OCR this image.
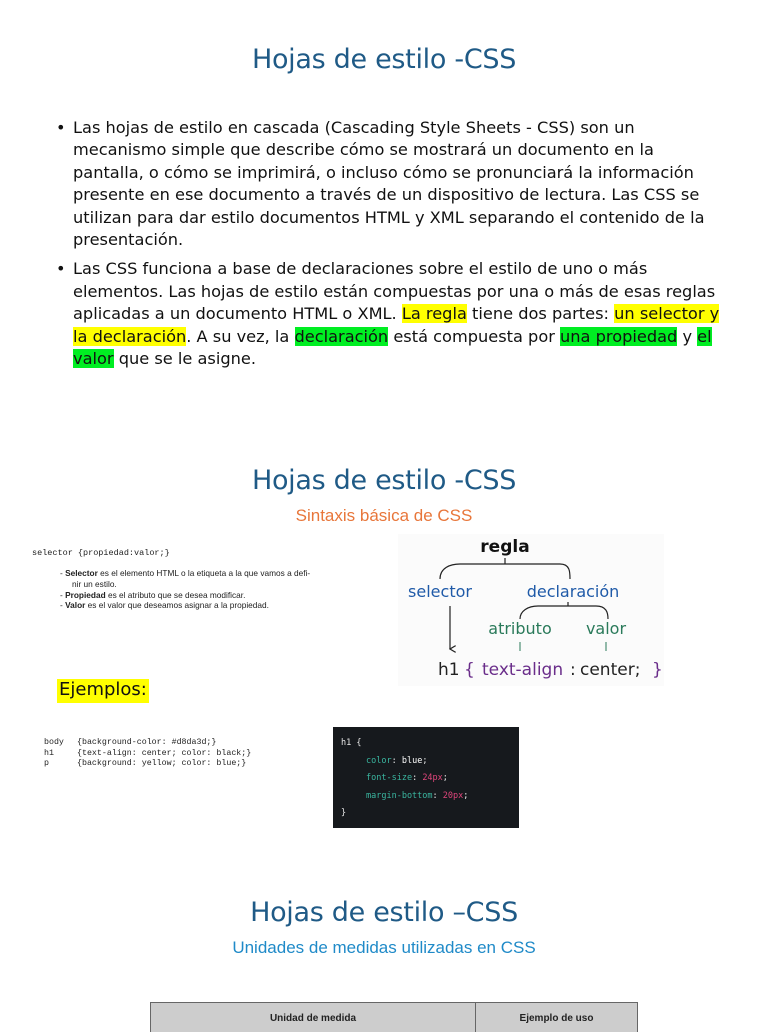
Hojas de estilo -CSS
• Las hojas de estilo en cascada (Cascading Style Sheets - CSS) son un mecanismo simple que describe cómo se mostrará un documento en la pantalla, o cómo se imprimirá, o incluso cómo se pronunciará la información presente en ese documento a través de un dispositivo de lectura. Las CSS se utilizan para dar estilo documentos HTML y XML separando el contenido de la presentación.
• Las CSS funciona a base de declaraciones sobre el estilo de uno o más elementos. Las hojas de estilo están compuestas por una o más de esas reglas aplicadas a un documento HTML o XML. La regla tiene dos partes: un selector y la declaración. A su vez, la declaración está compuesta por una propiedad y el valor que se le asigne.
Hojas de estilo -CSS
Sintaxis básica de CSS
selector {propiedad:valor;}
- Selector es el elemento HTML o la etiqueta a la que vamos a defi-
nir un estilo.
- Propiedad es el atributo que se desea modificar.
- Valor es el valor que deseamos asignar a la propiedad.
regla
selector	declaración
atributo valor
h1 { text-align : center; }
Ejemplos:
body {background-color: #d8da3d;}
h1	{text-align: center; color: black;}
p	{background: yellow; color: blue;}
h1 {
color: blue;
font-size: 24px;
margin-bottom: 20px;
}
Hojas de estilo –CSS
Unidades de medidas utilizadas en CSS
Unidad de medida	Ejemplo de uso
